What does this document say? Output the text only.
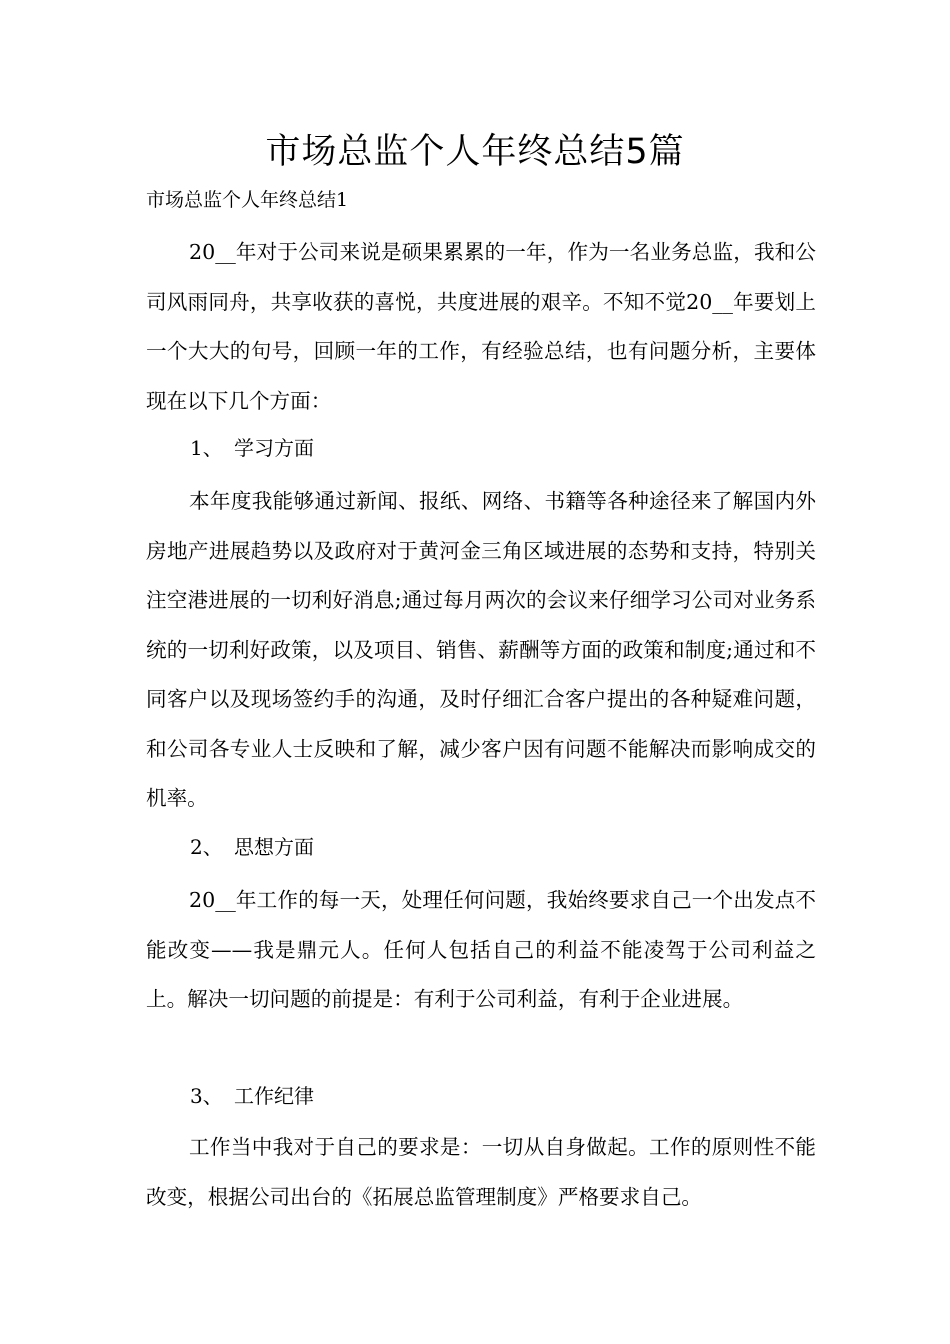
市场总监个人年终总结5篇
市场总监个人年终总结1
20__年对于公司来说是硕果累累的一年，作为一名业务总监，我和公司风雨同舟，共享收获的喜悦，共度进展的艰辛。不知不觉20__年要划上一个大大的句号，回顾一年的工作，有经验总结，也有问题分析，主要体现在以下几个方面：
1、 学习方面
本年度我能够通过新闻、报纸、网络、书籍等各种途径来了解国内外房地产进展趋势以及政府对于黄河金三角区域进展的态势和支持，特别关注空港进展的一切利好消息;通过每月两次的会议来仔细学习公司对业务系统的一切利好政策，以及项目、销售、薪酬等方面的政策和制度;通过和不同客户以及现场签约手的沟通，及时仔细汇合客户提出的各种疑难问题，和公司各专业人士反映和了解，减少客户因有问题不能解决而影响成交的机率。
2、 思想方面
20__年工作的每一天，处理任何问题，我始终要求自己一个出发点不能改变——我是鼎元人。任何人包括自己的利益不能凌驾于公司利益之上。解决一切问题的前提是：有利于公司利益，有利于企业进展。
3、 工作纪律
工作当中我对于自己的要求是：一切从自身做起。工作的原则性不能改变，根据公司出台的《拓展总监管理制度》严格要求自己。
